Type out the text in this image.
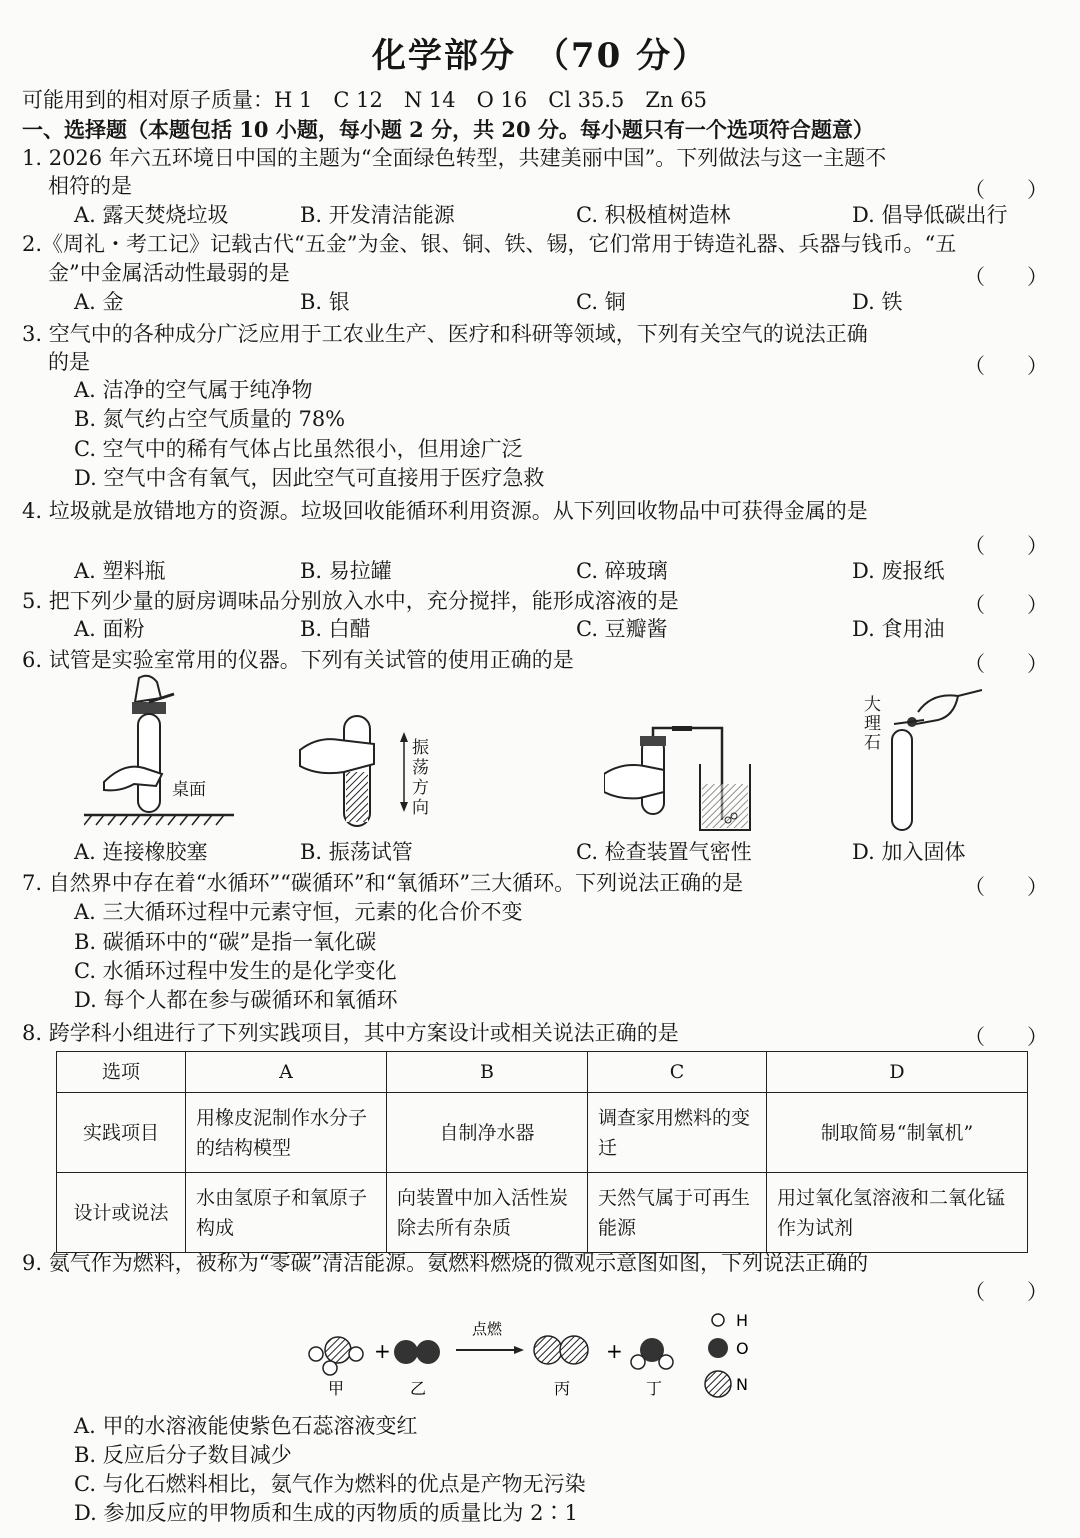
化学部分　（70 分）
可能用到的相对原子质量：H 1　C 12　N 14　O 16　Cl 35.5　Zn 65
一、选择题（本题包括 10 小题，每小题 2 分，共 20 分。每小题只有一个选项符合题意）
1. 2026 年六五环境日中国的主题为“全面绿色转型，共建美丽中国”。下列做法与这一主题不
相符的是	（　　）
A. 露天焚烧垃圾	B. 开发清洁能源	C. 积极植树造林	D. 倡导低碳出行
2.《周礼・考工记》记载古代“五金”为金、银、铜、铁、锡，它们常用于铸造礼器、兵器与钱币。“五
金”中金属活动性最弱的是	（　　）
A. 金	B. 银	C. 铜	D. 铁
3. 空气中的各种成分广泛应用于工农业生产、医疗和科研等领域，下列有关空气的说法正确
的是	（　　）
A. 洁净的空气属于纯净物
B. 氮气约占空气质量的 78%
C. 空气中的稀有气体占比虽然很小，但用途广泛
D. 空气中含有氧气，因此空气可直接用于医疗急救
4. 垃圾就是放错地方的资源。垃圾回收能循环利用资源。从下列回收物品中可获得金属的是
（　　）
A. 塑料瓶	B. 易拉罐	C. 碎玻璃	D. 废报纸
5. 把下列少量的厨房调味品分别放入水中，充分搅拌，能形成溶液的是	（　　）
A. 面粉	B. 白醋	C. 豆瓣酱	D. 食用油
6. 试管是实验室常用的仪器。下列有关试管的使用正确的是	（　　）
桌面
振
荡
方
向
大
理
石
A. 连接橡胶塞	B. 振荡试管	C. 检查装置气密性	D. 加入固体
7. 自然界中存在着“水循环”“碳循环”和“氧循环”三大循环。下列说法正确的是	（　　）
A. 三大循环过程中元素守恒，元素的化合价不变
B. 碳循环中的“碳”是指一氧化碳
C. 水循环过程中发生的是化学变化
D. 每个人都在参与碳循环和氧循环
8. 跨学科小组进行了下列实践项目，其中方案设计或相关说法正确的是	（　　）
选项	A	B	C	D
实践项目	用橡皮泥制作水分子的结构模型	自制净水器	调查家用燃料的变迁	制取简易“制氧机”
设计或说法	水由氢原子和氧原子构成	向装置中加入活性炭除去所有杂质	天然气属于可再生能源	用过氧化氢溶液和二氧化锰作为试剂
9. 氨气作为燃料，被称为“零碳”清洁能源。氨燃料燃烧的微观示意图如图，下列说法正确的
（　　）
+
点燃
+
甲	乙	丙	丁
H
O
N
A. 甲的水溶液能使紫色石蕊溶液变红
B. 反应后分子数目减少
C. 与化石燃料相比，氨气作为燃料的优点是产物无污染
D. 参加反应的甲物质和生成的丙物质的质量比为 2∶1
